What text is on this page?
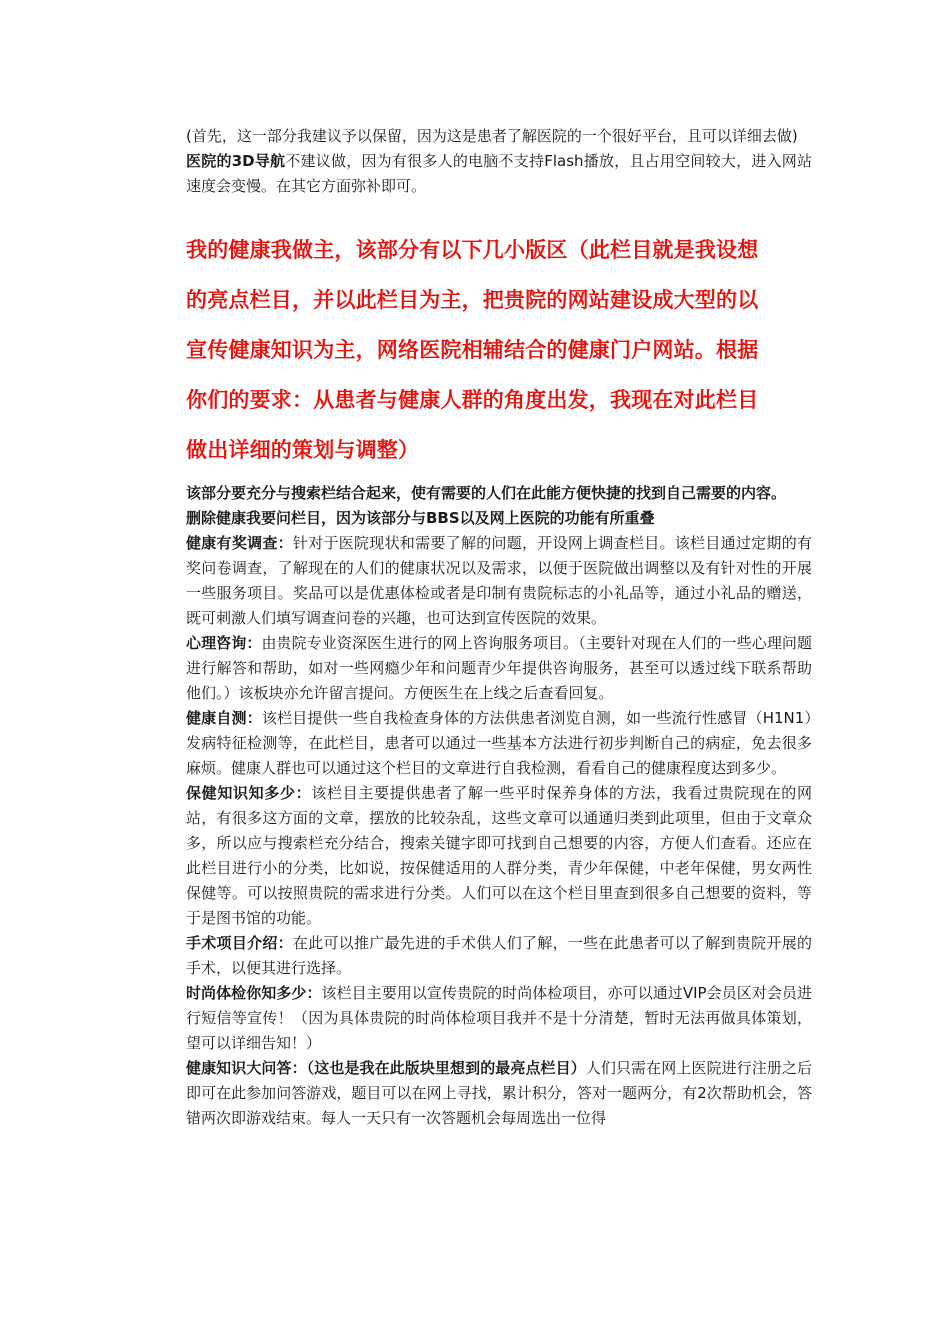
(首先，这一部分我建议予以保留，因为这是患者了解医院的一个很好平台，且可以详细去做)

医院的3D导航不建议做，因为有很多人的电脑不支持Flash播放，且占用空间较大，进入网站速度会变慢。在其它方面弥补即可。

我的健康我做主，该部分有以下几小版区（此栏目就是我设想

的亮点栏目，并以此栏目为主，把贵院的网站建设成大型的以

宣传健康知识为主，网络医院相辅结合的健康门户网站。根据

你们的要求：从患者与健康人群的角度出发，我现在对此栏目

做出详细的策划与调整）

该部分要充分与搜索栏结合起来，使有需要的人们在此能方便快捷的找到自己需要的内容。

删除健康我要问栏目，因为该部分与BBS以及网上医院的功能有所重叠

健康有奖调查：针对于医院现状和需要了解的问题，开设网上调查栏目。该栏目通过定期的有奖问卷调查，了解现在的人们的健康状况以及需求，以便于医院做出调整以及有针对性的开展一些服务项目。奖品可以是优惠体检或者是印制有贵院标志的小礼品等，通过小礼品的赠送，既可刺激人们填写调查问卷的兴趣，也可达到宣传医院的效果。

心理咨询：由贵院专业资深医生进行的网上咨询服务项目。（主要针对现在人们的一些心理问题进行解答和帮助，如对一些网瘾少年和问题青少年提供咨询服务，甚至可以透过线下联系帮助他们。）该板块亦允许留言提问。方便医生在上线之后查看回复。

健康自测：该栏目提供一些自我检查身体的方法供患者浏览自测，如一些流行性感冒（H1N1）发病特征检测等，在此栏目，患者可以通过一些基本方法进行初步判断自己的病症，免去很多麻烦。健康人群也可以通过这个栏目的文章进行自我检测，看看自己的健康程度达到多少。

保健知识知多少：该栏目主要提供患者了解一些平时保养身体的方法，我看过贵院现在的网站，有很多这方面的文章，摆放的比较杂乱，这些文章可以通通归类到此项里，但由于文章众多，所以应与搜索栏充分结合，搜索关键字即可找到自己想要的内容，方便人们查看。还应在此栏目进行小的分类，比如说，按保健适用的人群分类，青少年保健，中老年保健，男女两性保健等。可以按照贵院的需求进行分类。人们可以在这个栏目里查到很多自己想要的资料，等于是图书馆的功能。

手术项目介绍：在此可以推广最先进的手术供人们了解，一些在此患者可以了解到贵院开展的手术，以便其进行选择。

时尚体检你知多少：该栏目主要用以宣传贵院的时尚体检项目，亦可以通过VIP会员区对会员进行短信等宣传！（因为具体贵院的时尚体检项目我并不是十分清楚，暂时无法再做具体策划，望可以详细告知！）

健康知识大问答：（这也是我在此版块里想到的最亮点栏目）人们只需在网上医院进行注册之后即可在此参加问答游戏，题目可以在网上寻找，累计积分，答对一题两分，有2次帮助机会，答错两次即游戏结束。每人一天只有一次答题机会每周选出一位得
